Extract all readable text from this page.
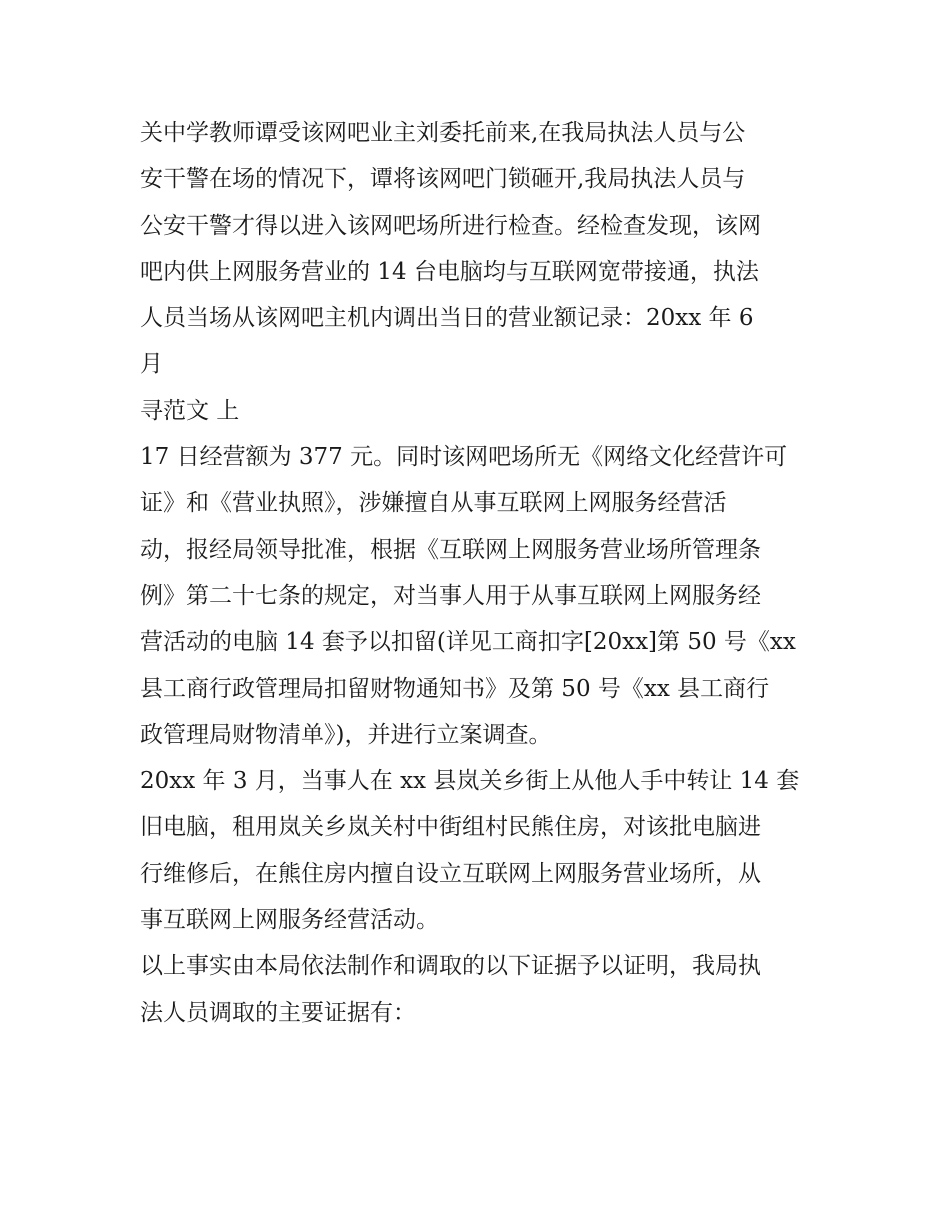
关中学教师谭受该网吧业主刘委托前来,在我局执法人员与公
安干警在场的情况下，谭将该网吧门锁砸开,我局执法人员与
公安干警才得以进入该网吧场所进行检查。经检查发现，该网
吧内供上网服务营业的 14 台电脑均与互联网宽带接通，执法
人员当场从该网吧主机内调出当日的营业额记录：20xx 年 6
月
寻范文 上
17 日经营额为 377 元。同时该网吧场所无《网络文化经营许可
证》和《营业执照》，涉嫌擅自从事互联网上网服务经营活
动，报经局领导批准，根据《互联网上网服务营业场所管理条
例》第二十七条的规定，对当事人用于从事互联网上网服务经
营活动的电脑 14 套予以扣留(详见工商扣字[20xx]第 50 号《xx
县工商行政管理局扣留财物通知书》及第 50 号《xx 县工商行
政管理局财物清单》)，并进行立案调查。
20xx 年 3 月，当事人在 xx 县岚关乡街上从他人手中转让 14 套
旧电脑，租用岚关乡岚关村中街组村民熊住房，对该批电脑进
行维修后，在熊住房内擅自设立互联网上网服务营业场所，从
事互联网上网服务经营活动。
以上事实由本局依法制作和调取的以下证据予以证明，我局执
法人员调取的主要证据有：
